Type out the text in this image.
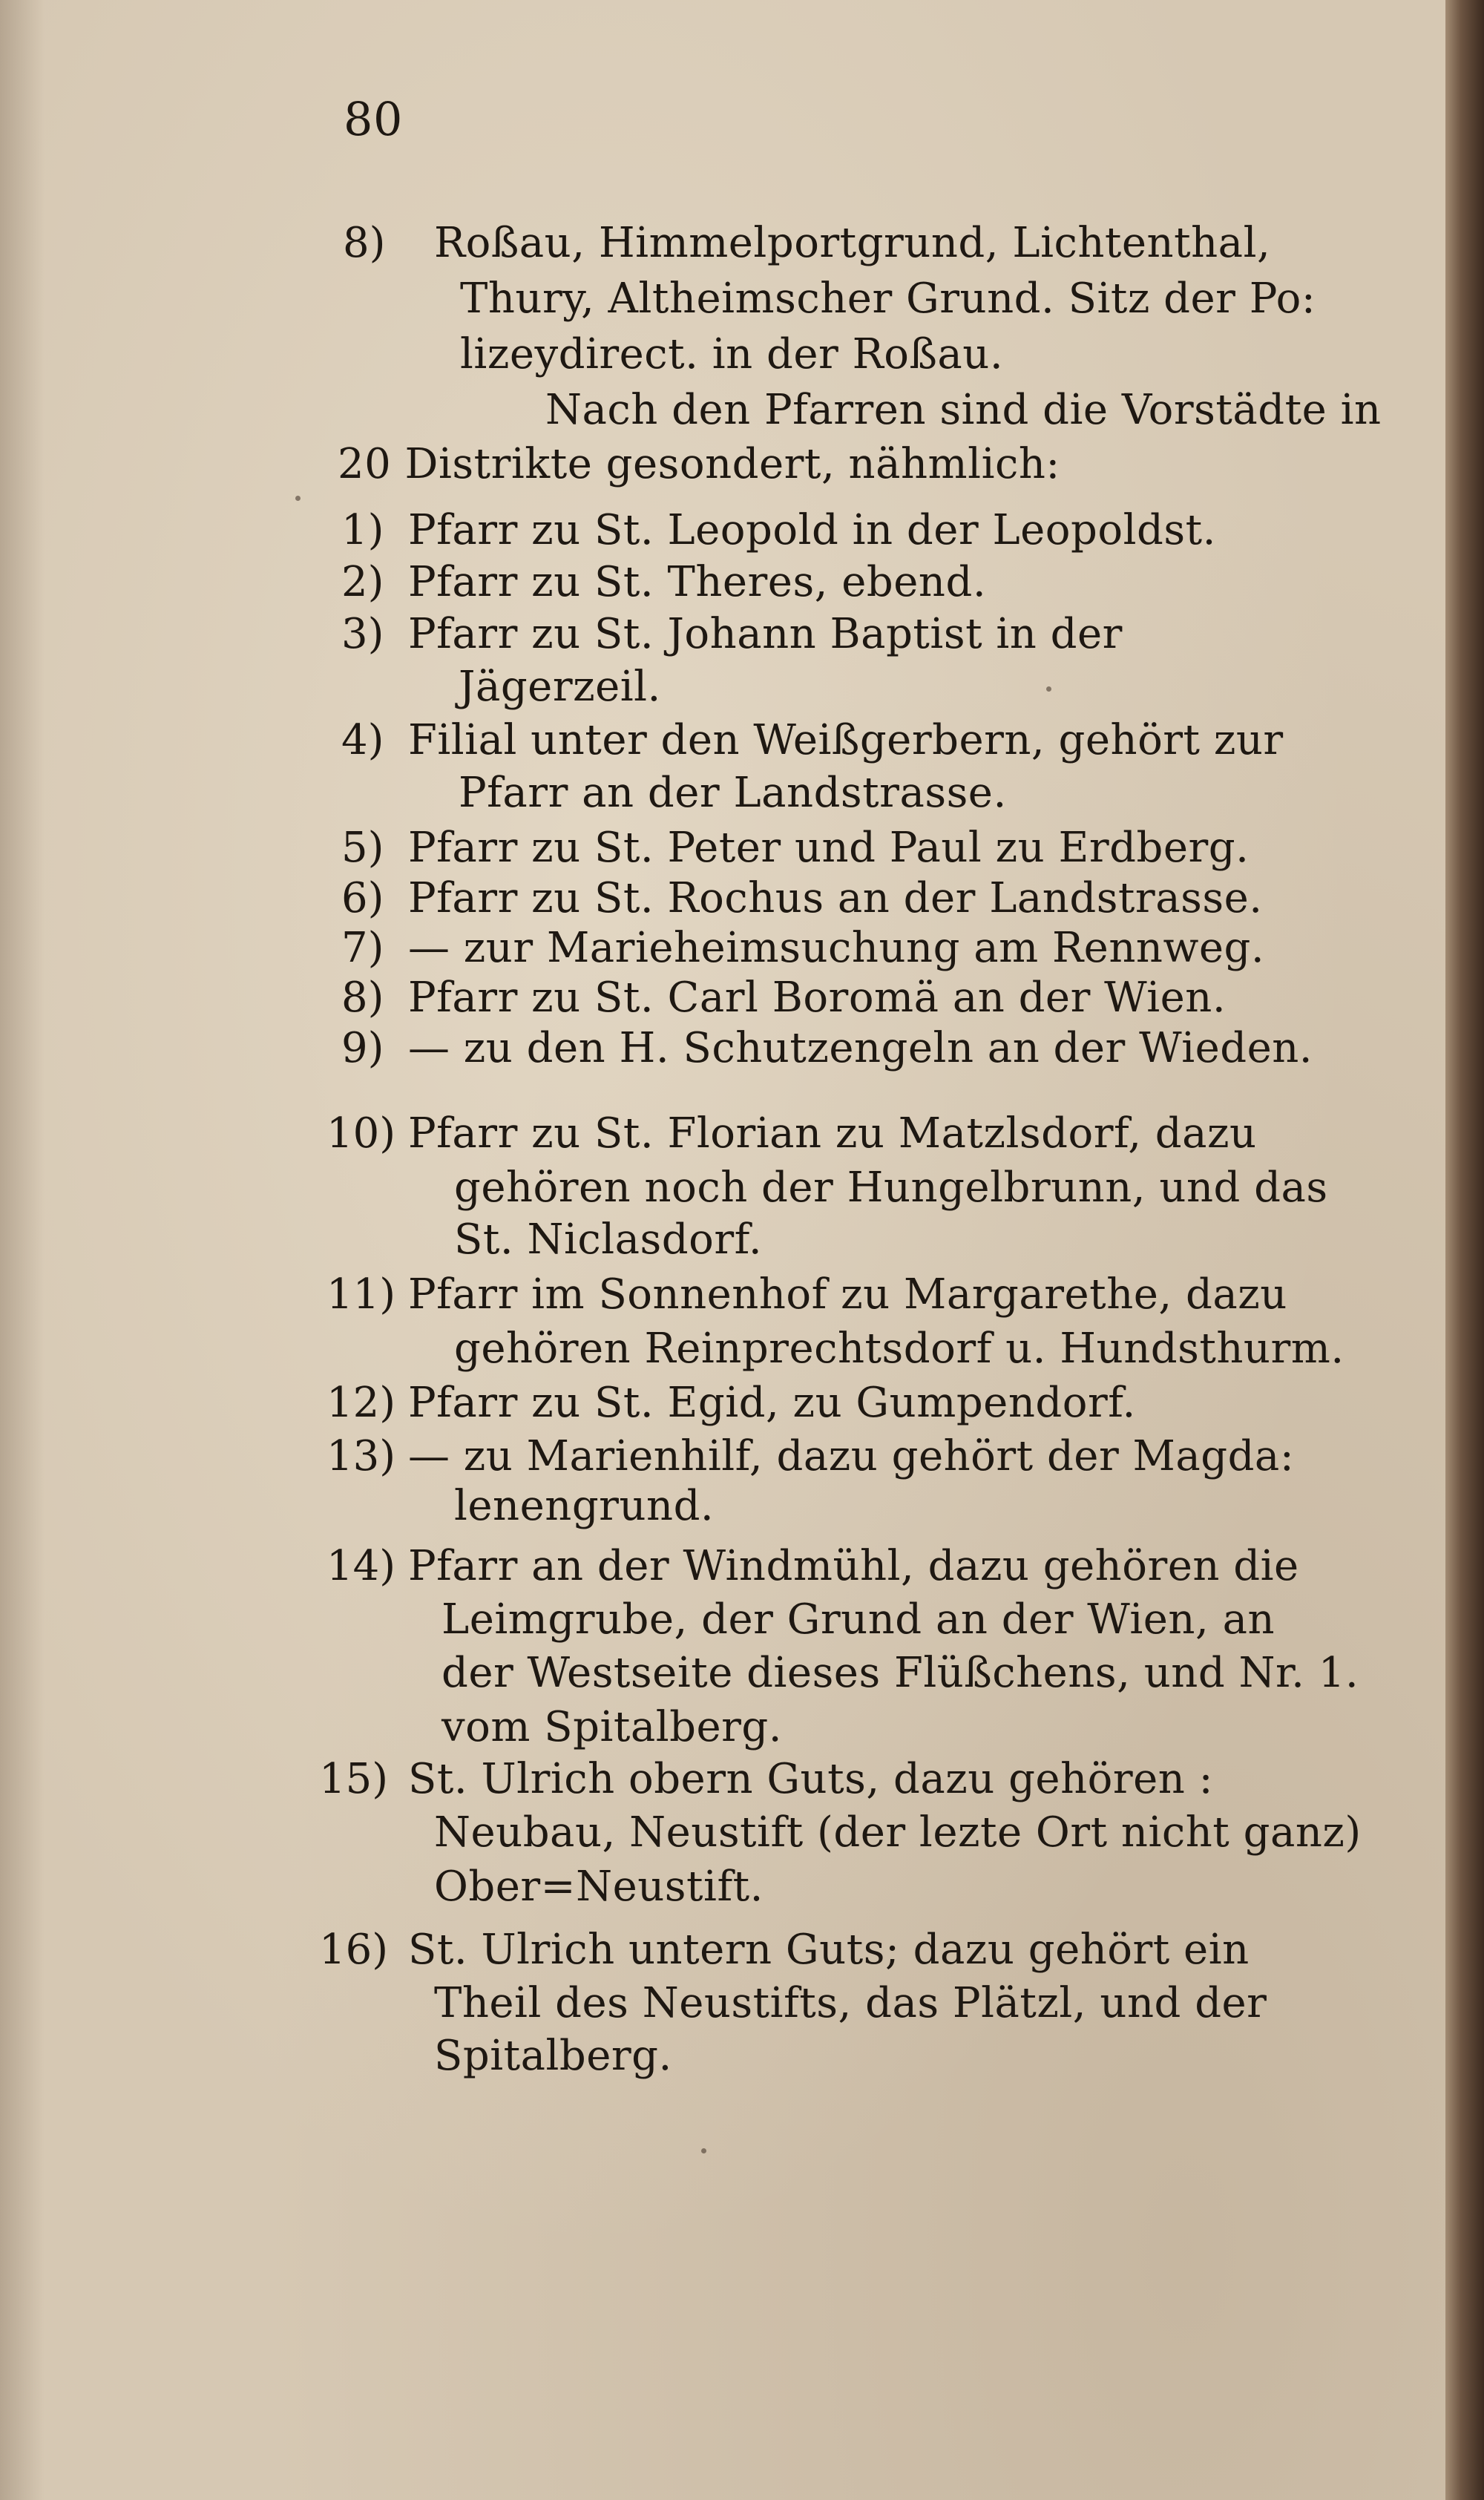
80
8) Roßau, Himmelportgrund, Lichtenthal,
Thury, Altheimscher Grund. Sitz der Po:
lizeydirect. in der Roßau.
Nach den Pfarren sind die Vorstädte in
20 Distrikte gesondert, nähmlich:
1) Pfarr zu St. Leopold in der Leopoldst.
2) Pfarr zu St. Theres, ebend.
3) Pfarr zu St. Johann Baptist in der
Jägerzeil.
4) Filial unter den Weißgerbern, gehört zur
Pfarr an der Landstrasse.
5) Pfarr zu St. Peter und Paul zu Erdberg.
6) Pfarr zu St. Rochus an der Landstrasse.
7) — zur Marieheimsuchung am Rennweg.
8) Pfarr zu St. Carl Boromä an der Wien.
9) — zu den H. Schutzengeln an der Wieden.
10) Pfarr zu St. Florian zu Matzlsdorf, dazu
gehören noch der Hungelbrunn, und das
St. Niclasdorf.
11) Pfarr im Sonnenhof zu Margarethe, dazu
gehören Reinprechtsdorf u. Hundsthurm.
12) Pfarr zu St. Egid, zu Gumpendorf.
13) — zu Marienhilf, dazu gehört der Magda:
lenengrund.
14) Pfarr an der Windmühl, dazu gehören die
Leimgrube, der Grund an der Wien, an
der Westseite dieses Flüßchens, und Nr. 1.
vom Spitalberg.
15) St. Ulrich obern Guts, dazu gehören :
Neubau, Neustift (der lezte Ort nicht ganz)
Ober=Neustift.
16) St. Ulrich untern Guts; dazu gehört ein
Theil des Neustifts, das Plätzl, und der
Spitalberg.
